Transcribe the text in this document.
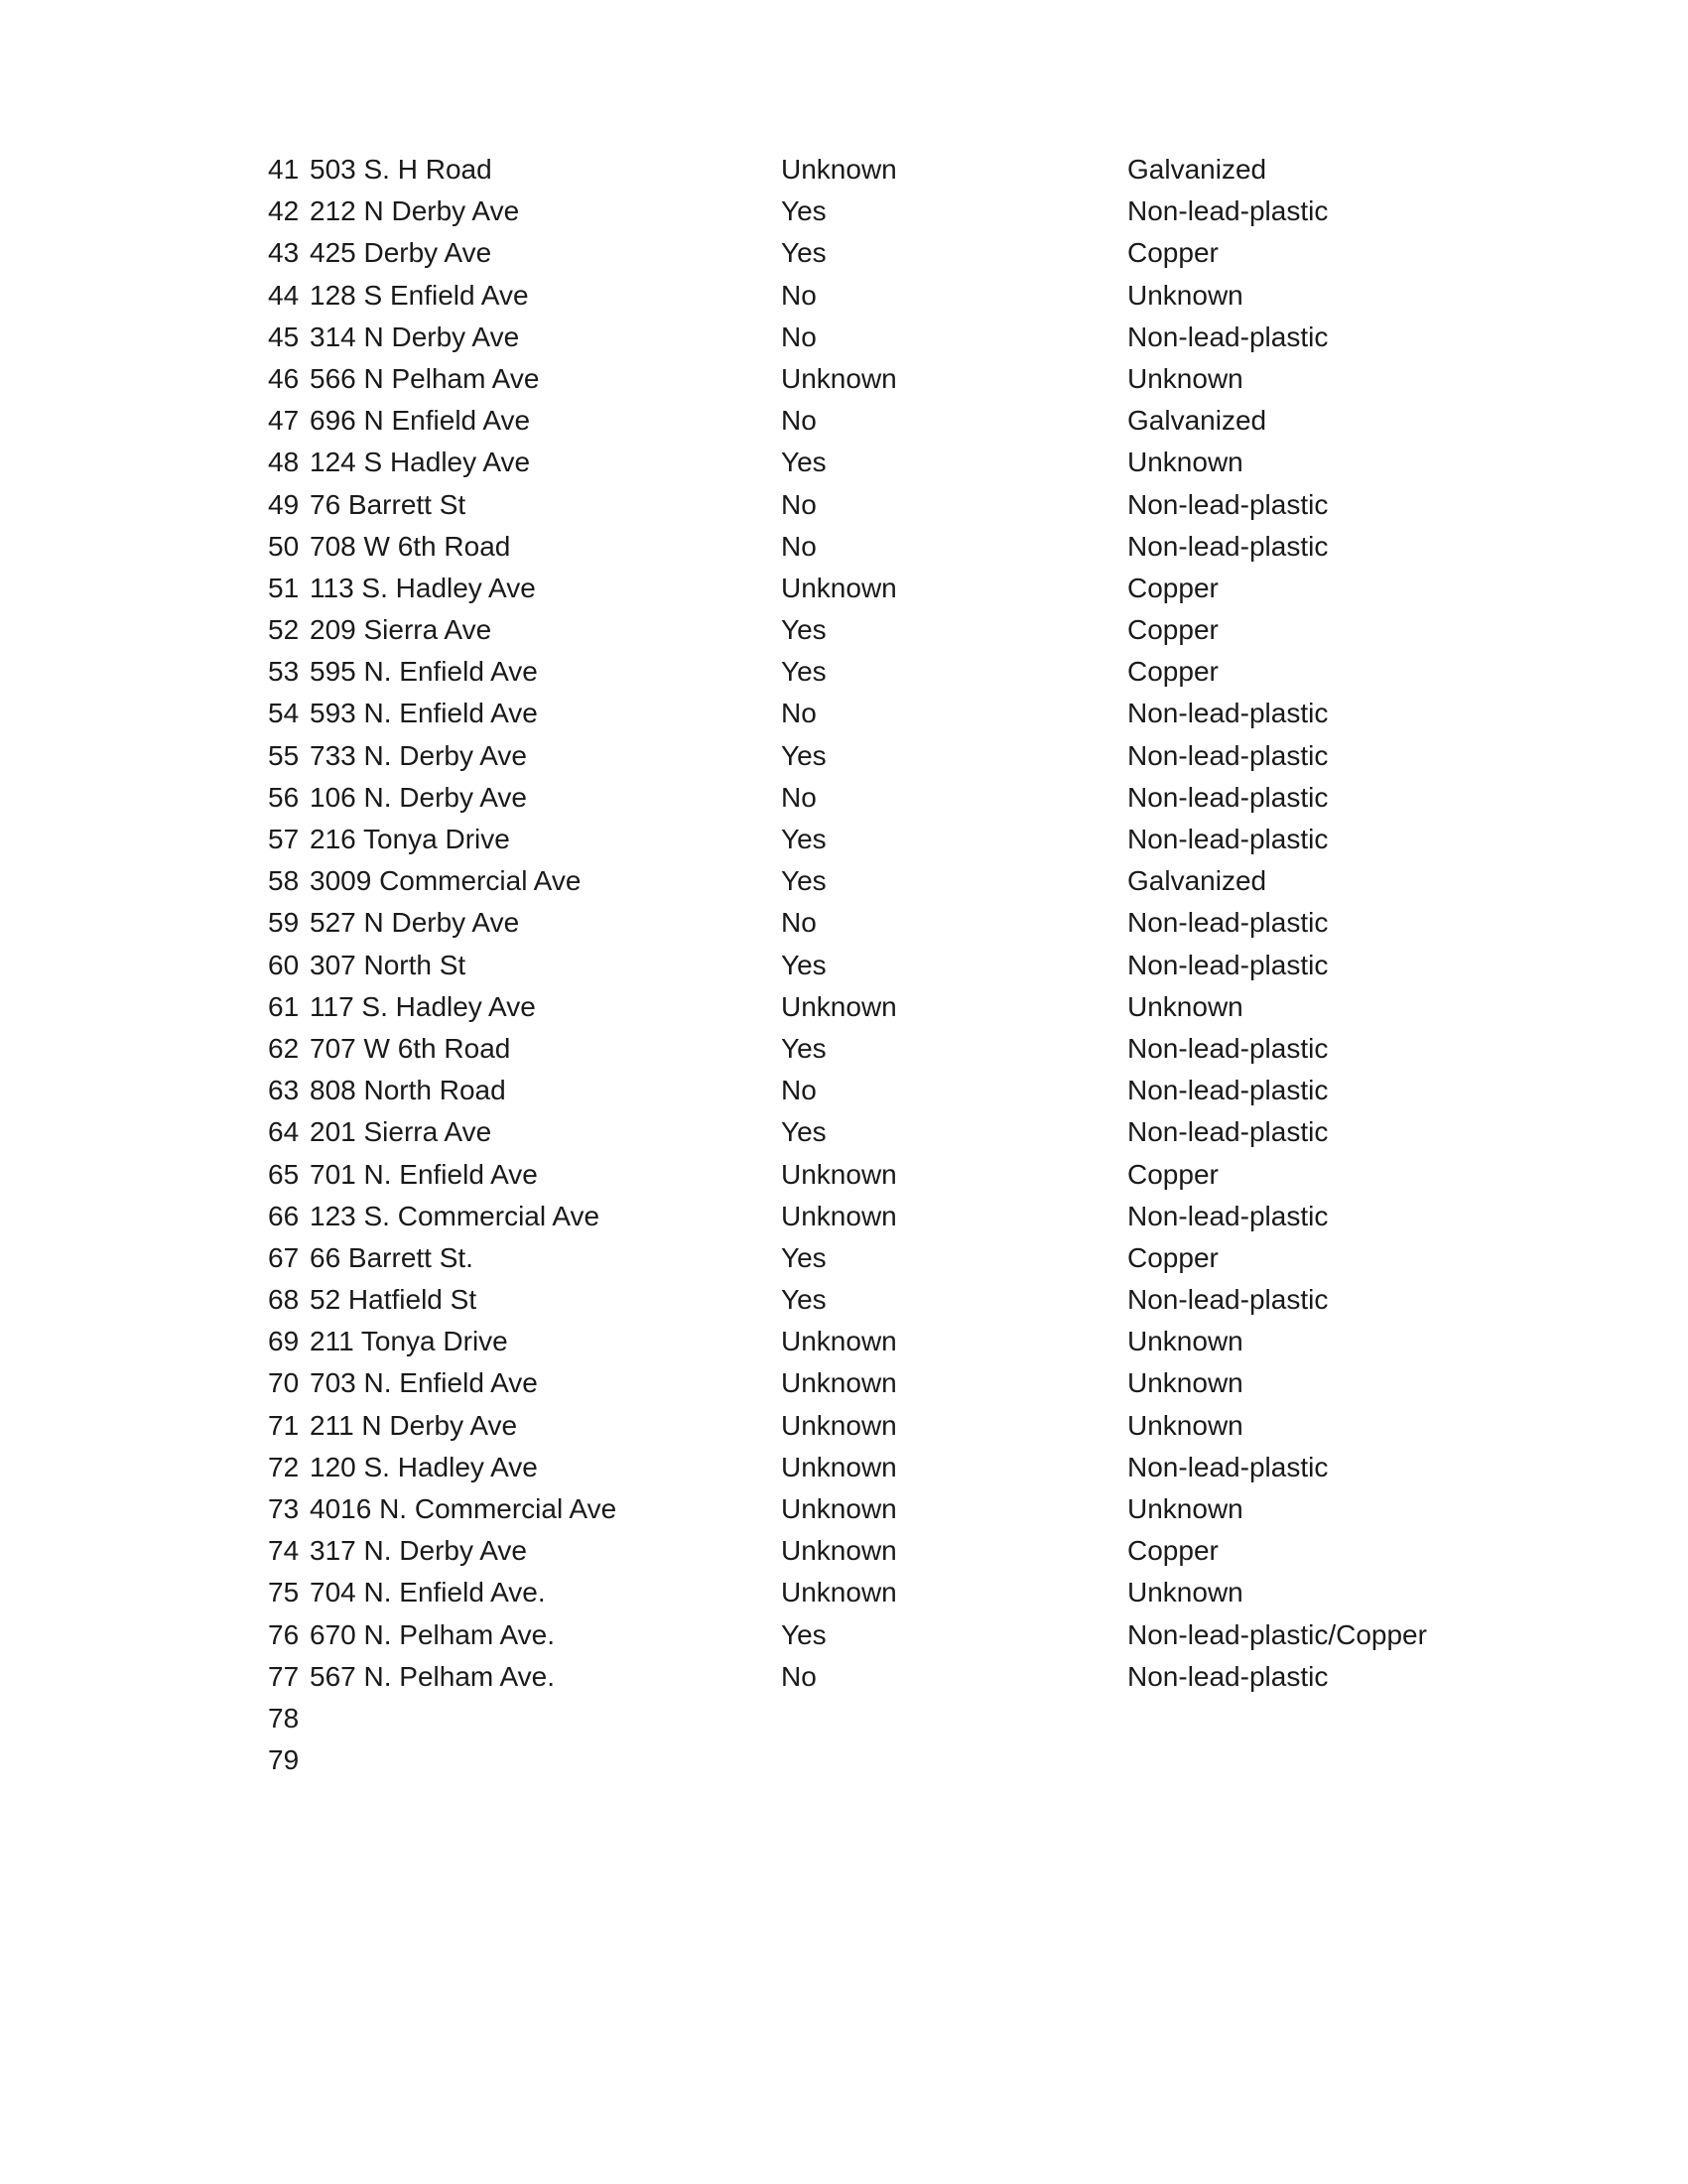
41 503 S. H Road	Unknown	Galvanized
42 212 N Derby Ave	Yes	Non-lead-plastic
43 425 Derby Ave	Yes	Copper
44 128 S Enfield Ave	No	Unknown
45 314 N Derby Ave	No	Non-lead-plastic
46 566 N Pelham Ave	Unknown	Unknown
47 696 N Enfield Ave	No	Galvanized
48 124 S Hadley Ave	Yes	Unknown
49 76 Barrett St	No	Non-lead-plastic
50 708 W 6th Road	No	Non-lead-plastic
51 113 S. Hadley Ave	Unknown	Copper
52 209 Sierra Ave	Yes	Copper
53 595 N. Enfield Ave	Yes	Copper
54 593 N. Enfield Ave	No	Non-lead-plastic
55 733 N. Derby Ave	Yes	Non-lead-plastic
56 106 N. Derby Ave	No	Non-lead-plastic
57 216 Tonya Drive	Yes	Non-lead-plastic
58 3009 Commercial Ave	Yes	Galvanized
59 527 N Derby Ave	No	Non-lead-plastic
60 307 North St	Yes	Non-lead-plastic
61 117 S. Hadley Ave	Unknown	Unknown
62 707 W 6th Road	Yes	Non-lead-plastic
63 808 North Road	No	Non-lead-plastic
64 201 Sierra Ave	Yes	Non-lead-plastic
65 701 N. Enfield Ave	Unknown	Copper
66 123 S. Commercial Ave	Unknown	Non-lead-plastic
67 66 Barrett St.	Yes	Copper
68 52 Hatfield St	Yes	Non-lead-plastic
69 211 Tonya Drive	Unknown	Unknown
70 703 N. Enfield Ave	Unknown	Unknown
71 211 N Derby Ave	Unknown	Unknown
72 120 S. Hadley Ave	Unknown	Non-lead-plastic
73 4016 N. Commercial Ave	Unknown	Unknown
74 317 N. Derby Ave	Unknown	Copper
75 704 N. Enfield Ave.	Unknown	Unknown
76 670 N. Pelham Ave.	Yes	Non-lead-plastic/Copper
77 567 N. Pelham Ave.	No	Non-lead-plastic
78
79
